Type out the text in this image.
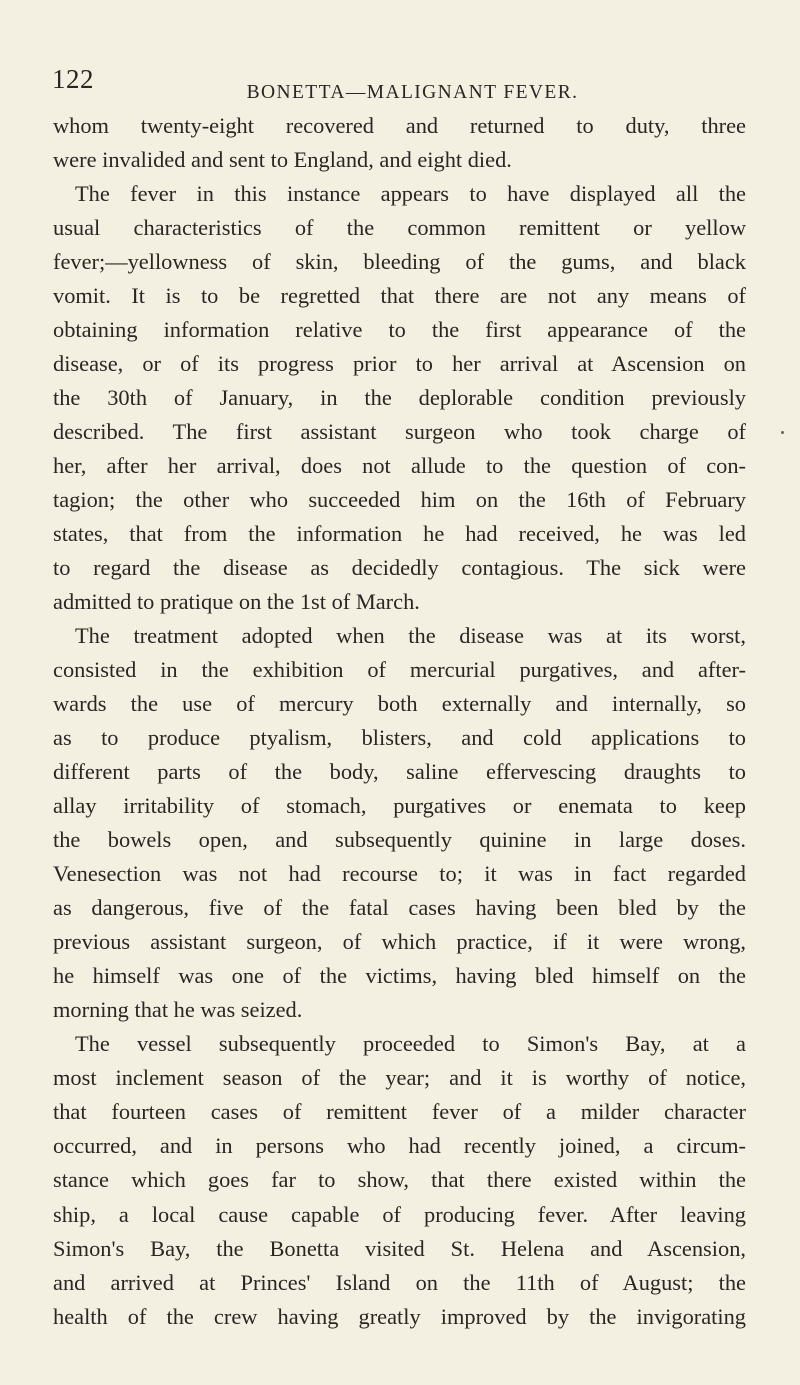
122	BONETTA—MALIGNANT FEVER.
whom twenty-eight recovered and returned to duty, three
were invalided and sent to England, and eight died.
The fever in this instance appears to have displayed all the
usual characteristics of the common remittent or yellow
fever;—yellowness of skin, bleeding of the gums, and black
vomit. It is to be regretted that there are not any means of
obtaining information relative to the first appearance of the
disease, or of its progress prior to her arrival at Ascension on
the 30th of January, in the deplorable condition previously
described. The first assistant surgeon who took charge of
her, after her arrival, does not allude to the question of con-
tagion; the other who succeeded him on the 16th of February
states, that from the information he had received, he was led
to regard the disease as decidedly contagious. The sick were
admitted to pratique on the 1st of March.
The treatment adopted when the disease was at its worst,
consisted in the exhibition of mercurial purgatives, and after-
wards the use of mercury both externally and internally, so
as to produce ptyalism, blisters, and cold applications to
different parts of the body, saline effervescing draughts to
allay irritability of stomach, purgatives or enemata to keep
the bowels open, and subsequently quinine in large doses.
Venesection was not had recourse to; it was in fact regarded
as dangerous, five of the fatal cases having been bled by the
previous assistant surgeon, of which practice, if it were wrong,
he himself was one of the victims, having bled himself on the
morning that he was seized.
The vessel subsequently proceeded to Simon's Bay, at a
most inclement season of the year; and it is worthy of notice,
that fourteen cases of remittent fever of a milder character
occurred, and in persons who had recently joined, a circum-
stance which goes far to show, that there existed within the
ship, a local cause capable of producing fever. After leaving
Simon's Bay, the Bonetta visited St. Helena and Ascension,
and arrived at Princes' Island on the 11th of August; the
health of the crew having greatly improved by the invigorating
